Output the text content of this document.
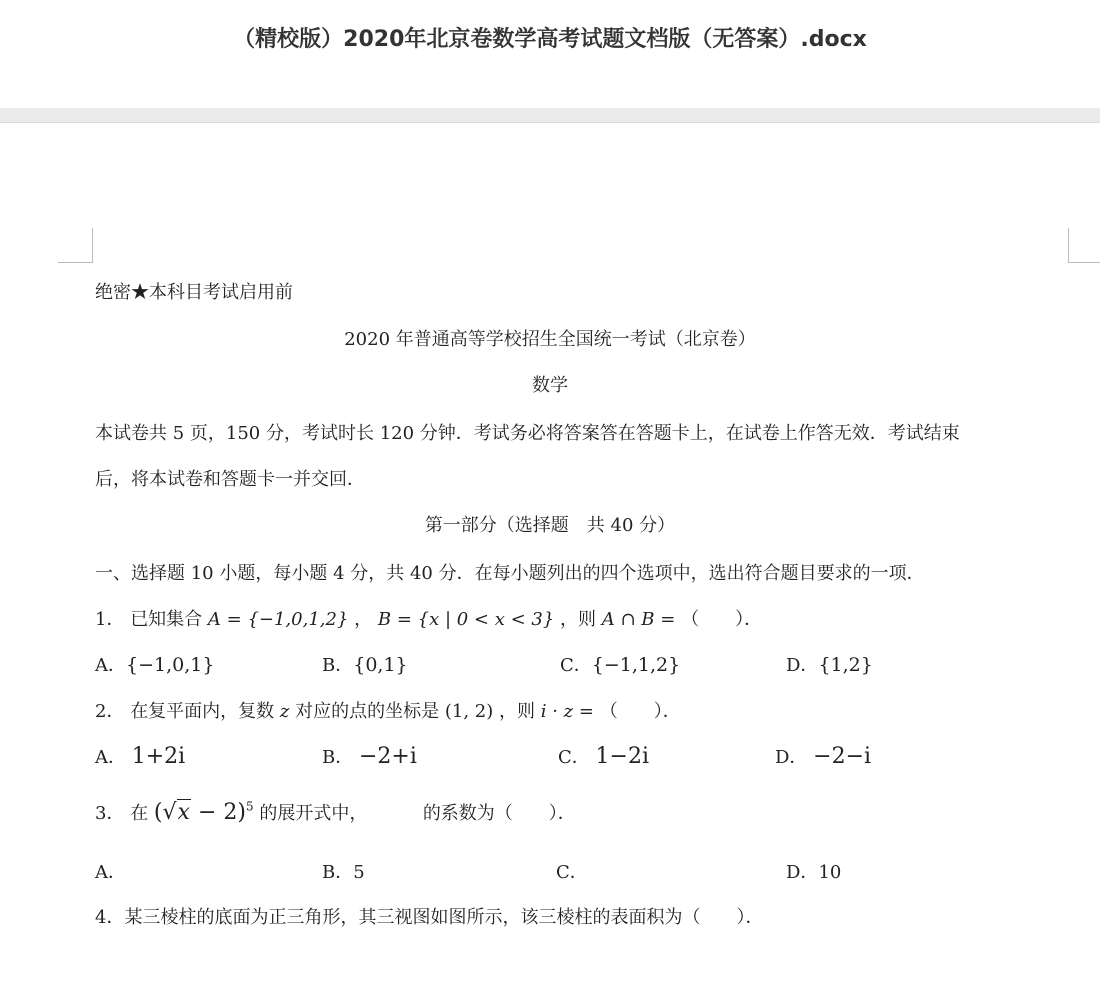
（精校版）2020年北京卷数学高考试题文档版（无答案）.docx
绝密★本科目考试启用前
2020 年普通高等学校招生全国统一考试（北京卷）
数学
本试卷共 5 页，150 分，考试时长 120 分钟．考试务必将答案答在答题卡上，在试卷上作答无效．考试结束
后，将本试卷和答题卡一并交回．
第一部分（选择题　共 40 分）
一、选择题 10 小题，每小题 4 分，共 40 分．在每小题列出的四个选项中，选出符合题目要求的一项．
1． 已知集合 A = {−1,0,1,2} ， B = {x | 0 < x < 3} ，则 A ∩ B = （　　）．
A．{−1,0,1}	B．{0,1}	C．{−1,1,2}	D．{1,2}
2． 在复平面内，复数 z 对应的点的坐标是 (1, 2) ，则 i · z = （　　）．
A． 1+2i	B． −2+i	C． 1−2i	D． −2−i
3． 在 $(√x - 2)^5$ 的展开式中，	的系数为（　　）．
A．	B．5	C．	D．10
4．某三棱柱的底面为正三角形，其三视图如图所示，该三棱柱的表面积为（　　）．
